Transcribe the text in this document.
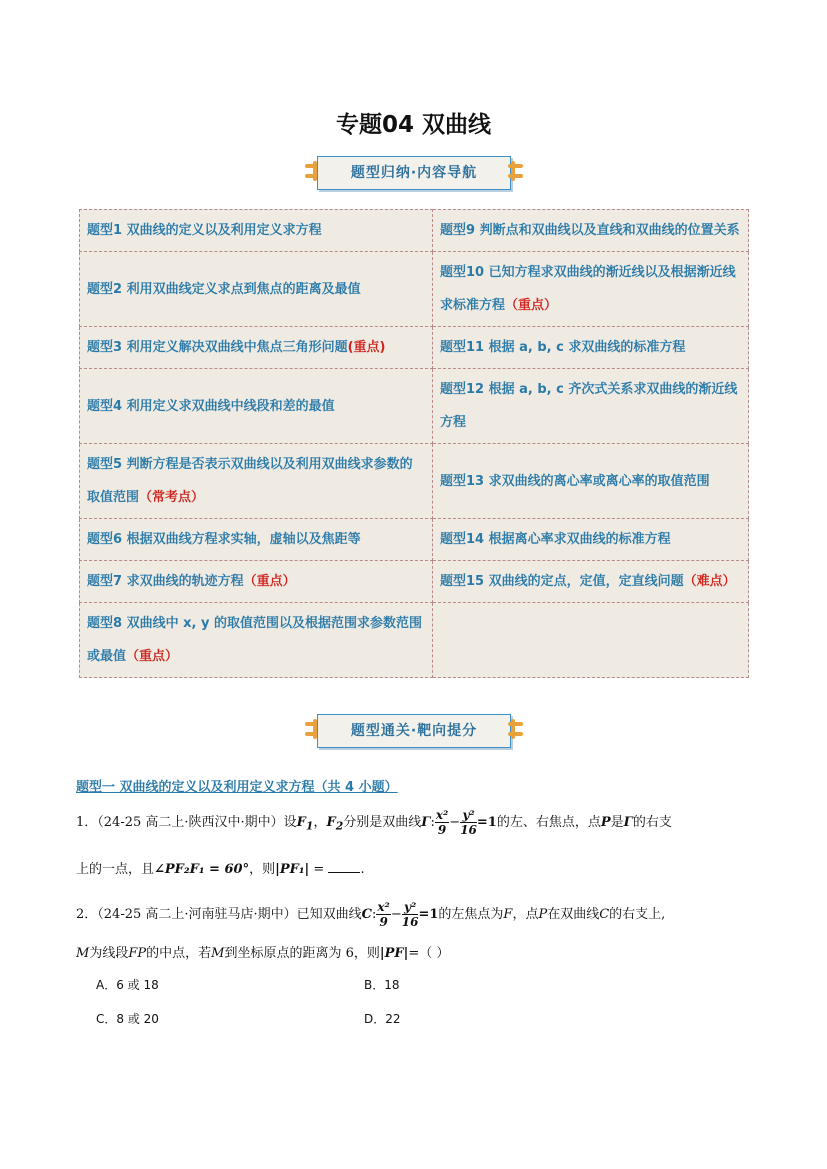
专题04 双曲线
题型归纳·内容导航
题型1 双曲线的定义以及利用定义求方程	题型9 判断点和双曲线以及直线和双曲线的位置关系
题型2 利用双曲线定义求点到焦点的距离及最值	题型10 已知方程求双曲线的渐近线以及根据渐近线求标准方程（重点）
题型3 利用定义解决双曲线中焦点三角形问题(重点)	题型11 根据 a, b, c 求双曲线的标准方程
题型4 利用定义求双曲线中线段和差的最值	题型12 根据 a, b, c 齐次式关系求双曲线的渐近线方程
题型5 判断方程是否表示双曲线以及利用双曲线求参数的取值范围（常考点）	题型13 求双曲线的离心率或离心率的取值范围
题型6 根据双曲线方程求实轴，虚轴以及焦距等	题型14 根据离心率求双曲线的标准方程
题型7 求双曲线的轨迹方程（重点）	题型15 双曲线的定点，定值，定直线问题（难点）
题型8 双曲线中 x, y 的取值范围以及根据范围求参数范围或最值（重点）	
题型通关·靶向提分
题型一 双曲线的定义以及利用定义求方程（共 4 小题）
1．（24-25 高二上·陕西汉中·期中）设$F_1$，$F_2$分别是双曲线Γ: $\frac{\text{x²}}{9} - \frac{\text{y²}}{16} =1$的左、右焦点，点P是Γ的右支
上的一点，且∠PF₂F₁ = 60°，则|PF₁| = .
2．（24-25 高二上·河南驻马店·期中）已知双曲线C: $\frac{\text{x²}}{9} - \frac{\text{y²}}{16} =1$的左焦点为F，点P在双曲线C的右支上,
M为线段FP的中点，若M到坐标原点的距离为 6，则|PF|=（ ）
A．6 或 18	B．18
C．8 或 20	D．22
